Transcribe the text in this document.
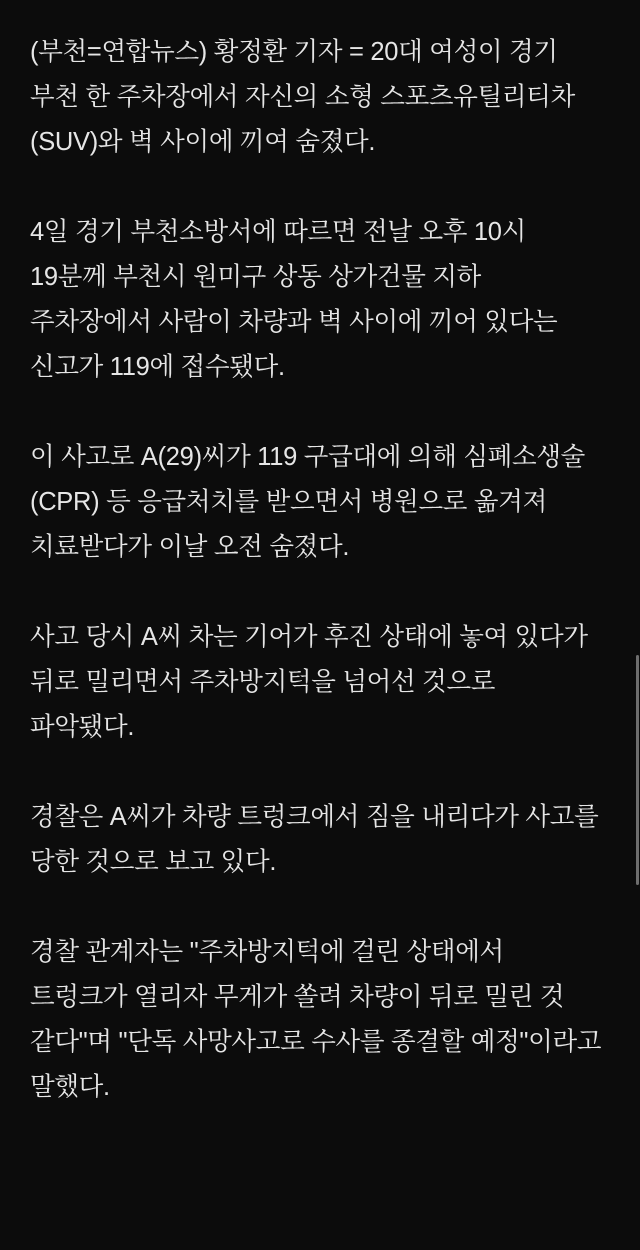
(부천=연합뉴스) 황정환 기자 = 20대 여성이 경기 부천 한 주차장에서 자신의 소형 스포츠유틸리티차(SUV)와 벽 사이에 끼여 숨졌다.

4일 경기 부천소방서에 따르면 전날 오후 10시 19분께 부천시 원미구 상동 상가건물 지하 주차장에서 사람이 차량과 벽 사이에 끼어 있다는 신고가 119에 접수됐다.

이 사고로 A(29)씨가 119 구급대에 의해 심폐소생술(CPR) 등 응급처치를 받으면서 병원으로 옮겨져 치료받다가 이날 오전 숨졌다.

사고 당시 A씨 차는 기어가 후진 상태에 놓여 있다가 뒤로 밀리면서 주차방지턱을 넘어선 것으로 파악됐다.

경찰은 A씨가 차량 트렁크에서 짐을 내리다가 사고를 당한 것으로 보고 있다.

경찰 관계자는 "주차방지턱에 걸린 상태에서 트렁크가 열리자 무게가 쏠려 차량이 뒤로 밀린 것 같다"며 "단독 사망사고로 수사를 종결할 예정"이라고 말했다.
